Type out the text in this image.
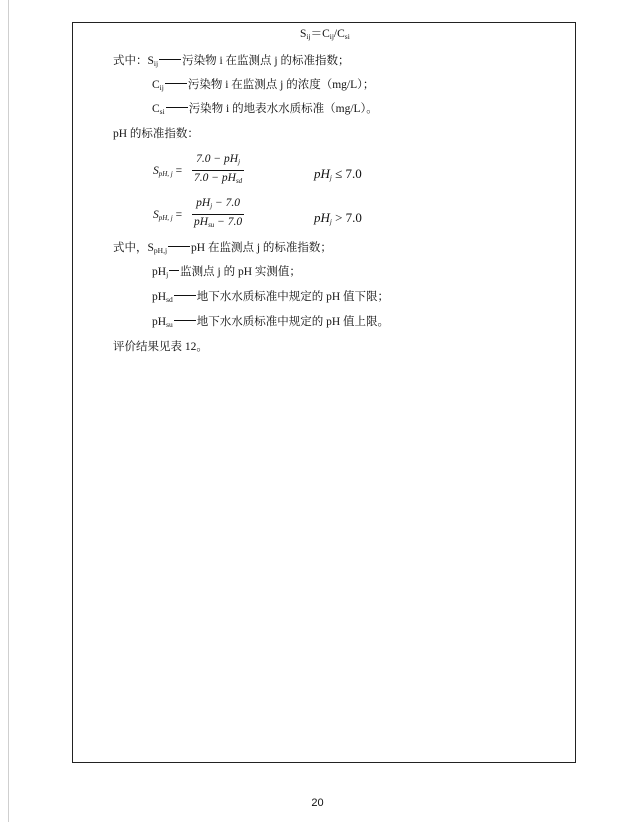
$S_{ij}=C_{ij}/C_{si}$
式中：$S_{ij}$ 污染物 i 在监测点 j 的标准指数；
$C_{ij}$ 污染物 i 在监测点 j 的浓度（mg/L）；
$C_{si}$ 污染物 i 的地表水水质标准（mg/L）。
pH 的标准指数：
SpH, j =
7.0 − pHj
7.0 − pHsd	pHj ≤ 7.0
SpH, j =
pHj − 7.0
pHsu − 7.0	pHj > 7.0
式中，$S_{pH,j}$ pH 在监测点 j 的标准指数；
$pH_j$ 监测点 j 的 pH 实测值；
$pH_{sd}$ 地下水水质标准中规定的 pH 值下限；
$pH_{su}$ 地下水水质标准中规定的 pH 值上限。
评价结果见表 12。
20
